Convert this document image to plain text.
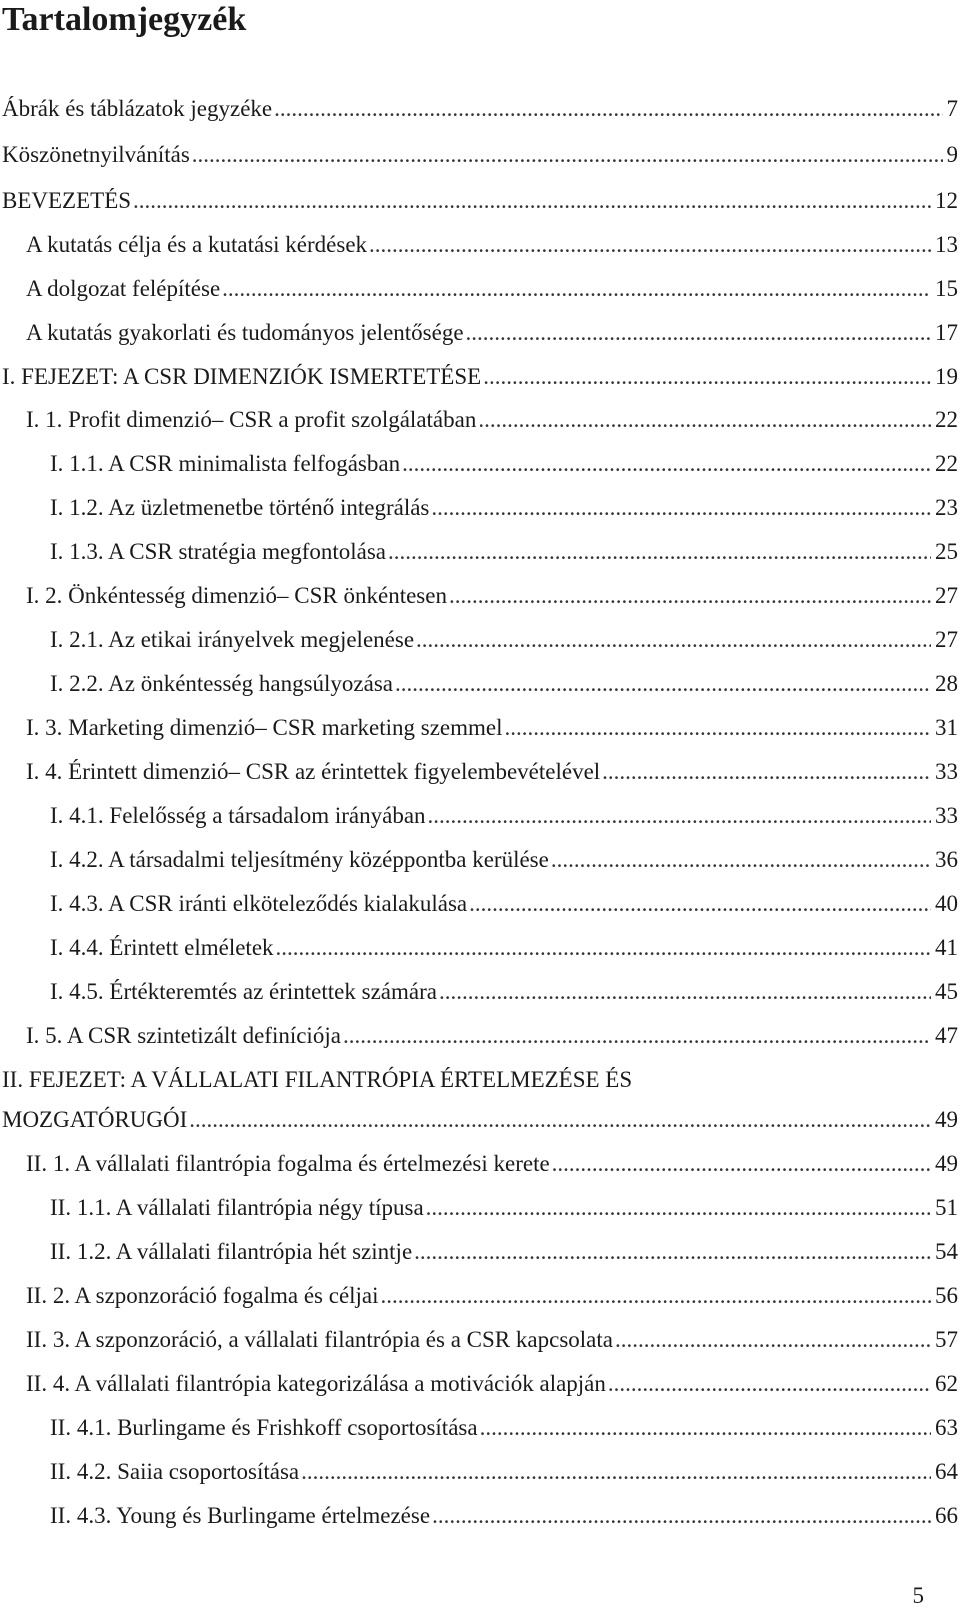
Tartalomjegyzék
Ábrák és táblázatok jegyzéke .....	7
Köszönetnyilvánítás .....	9
BEVEZETÉS .....	12
A kutatás célja és a kutatási kérdések .....	13
A dolgozat felépítése .....	15
A kutatás gyakorlati és tudományos jelentősége .....	17
I. FEJEZET: A CSR DIMENZIÓK ISMERTETÉSE .....	19
I. 1. Profit dimenzió– CSR a profit szolgálatában .....	22
I. 1.1. A CSR minimalista felfogásban .....	22
I. 1.2. Az üzletmenetbe történő integrálás .....	23
I. 1.3. A CSR stratégia megfontolása .....	25
I. 2. Önkéntesség dimenzió– CSR önkéntesen .....	27
I. 2.1. Az etikai irányelvek megjelenése .....	27
I. 2.2. Az önkéntesség hangsúlyozása .....	28
I. 3. Marketing dimenzió– CSR marketing szemmel .....	31
I. 4. Érintett dimenzió– CSR az érintettek figyelembevételével .....	33
I. 4.1. Felelősség a társadalom irányában .....	33
I. 4.2. A társadalmi teljesítmény középpontba kerülése .....	36
I. 4.3. A CSR iránti elköteleződés kialakulása .....	40
I. 4.4. Érintett elméletek .....	41
I. 4.5. Értékteremtés az érintettek számára .....	45
I. 5. A CSR szintetizált definíciója .....	47
II. FEJEZET: A VÁLLALATI FILANTRÓPIA ÉRTELMEZÉSE ÉS
MOZGATÓRUGÓI .....	49
II. 1. A vállalati filantrópia fogalma és értelmezési kerete .....	49
II. 1.1. A vállalati filantrópia négy típusa .....	51
II. 1.2. A vállalati filantrópia hét szintje .....	54
II. 2. A szponzoráció fogalma és céljai .....	56
II. 3. A szponzoráció, a vállalati filantrópia és a CSR kapcsolata .....	57
II. 4. A vállalati filantrópia kategorizálása a motivációk alapján .....	62
II. 4.1. Burlingame és Frishkoff csoportosítása .....	63
II. 4.2. Saiia csoportosítása .....	64
II. 4.3. Young és Burlingame értelmezése .....	66
5
